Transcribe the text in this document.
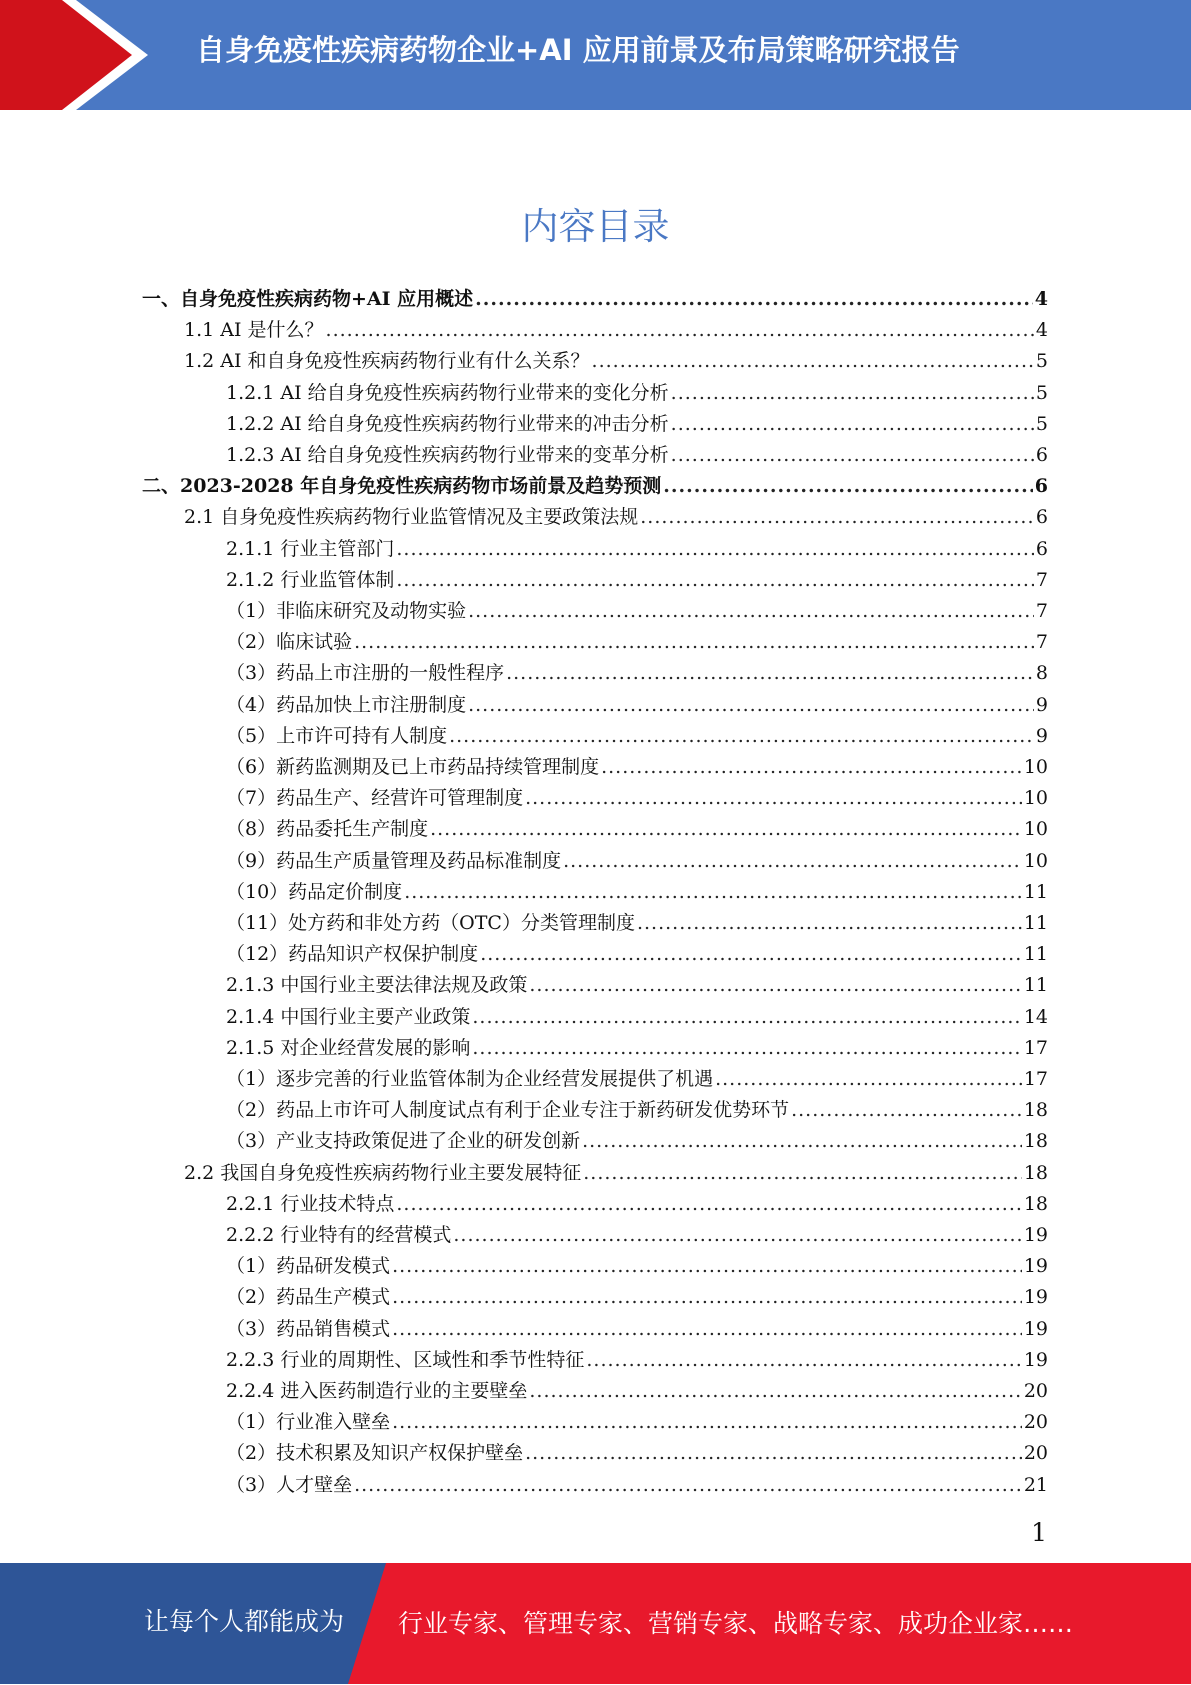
自身免疫性疾病药物企业+AI 应用前景及布局策略研究报告
内容目录
一、自身免疫性疾病药物+AI 应用概述 .....	4
1.1 AI 是什么？ .....	4
1.2 AI 和自身免疫性疾病药物行业有什么关系？ .....	5
1.2.1 AI 给自身免疫性疾病药物行业带来的变化分析 .....	5
1.2.2 AI 给自身免疫性疾病药物行业带来的冲击分析 .....	5
1.2.3 AI 给自身免疫性疾病药物行业带来的变革分析 .....	6
二、2023-2028 年自身免疫性疾病药物市场前景及趋势预测 .....	6
2.1 自身免疫性疾病药物行业监管情况及主要政策法规 .....	6
2.1.1 行业主管部门 .....	6
2.1.2 行业监管体制 .....	7
（1）非临床研究及动物实验 .....	7
（2）临床试验 .....	7
（3）药品上市注册的一般性程序 .....	8
（4）药品加快上市注册制度 .....	9
（5）上市许可持有人制度 .....	9
（6）新药监测期及已上市药品持续管理制度 .....	10
（7）药品生产、经营许可管理制度 .....	10
（8）药品委托生产制度 .....	10
（9）药品生产质量管理及药品标准制度 .....	10
（10）药品定价制度 .....	11
（11）处方药和非处方药（OTC）分类管理制度 .....	11
（12）药品知识产权保护制度 .....	11
2.1.3 中国行业主要法律法规及政策 .....	11
2.1.4 中国行业主要产业政策 .....	14
2.1.5 对企业经营发展的影响 .....	17
（1）逐步完善的行业监管体制为企业经营发展提供了机遇 .....	17
（2）药品上市许可人制度试点有利于企业专注于新药研发优势环节 .....	18
（3）产业支持政策促进了企业的研发创新 .....	18
2.2 我国自身免疫性疾病药物行业主要发展特征 .....	18
2.2.1 行业技术特点 .....	18
2.2.2 行业特有的经营模式 .....	19
（1）药品研发模式 .....	19
（2）药品生产模式 .....	19
（3）药品销售模式 .....	19
2.2.3 行业的周期性、区域性和季节性特征 .....	19
2.2.4 进入医药制造行业的主要壁垒 .....	20
（1）行业准入壁垒 .....	20
（2）技术积累及知识产权保护壁垒 .....	20
（3）人才壁垒 .....	21
1
让每个人都能成为 行业专家、管理专家、营销专家、战略专家、成功企业家……
